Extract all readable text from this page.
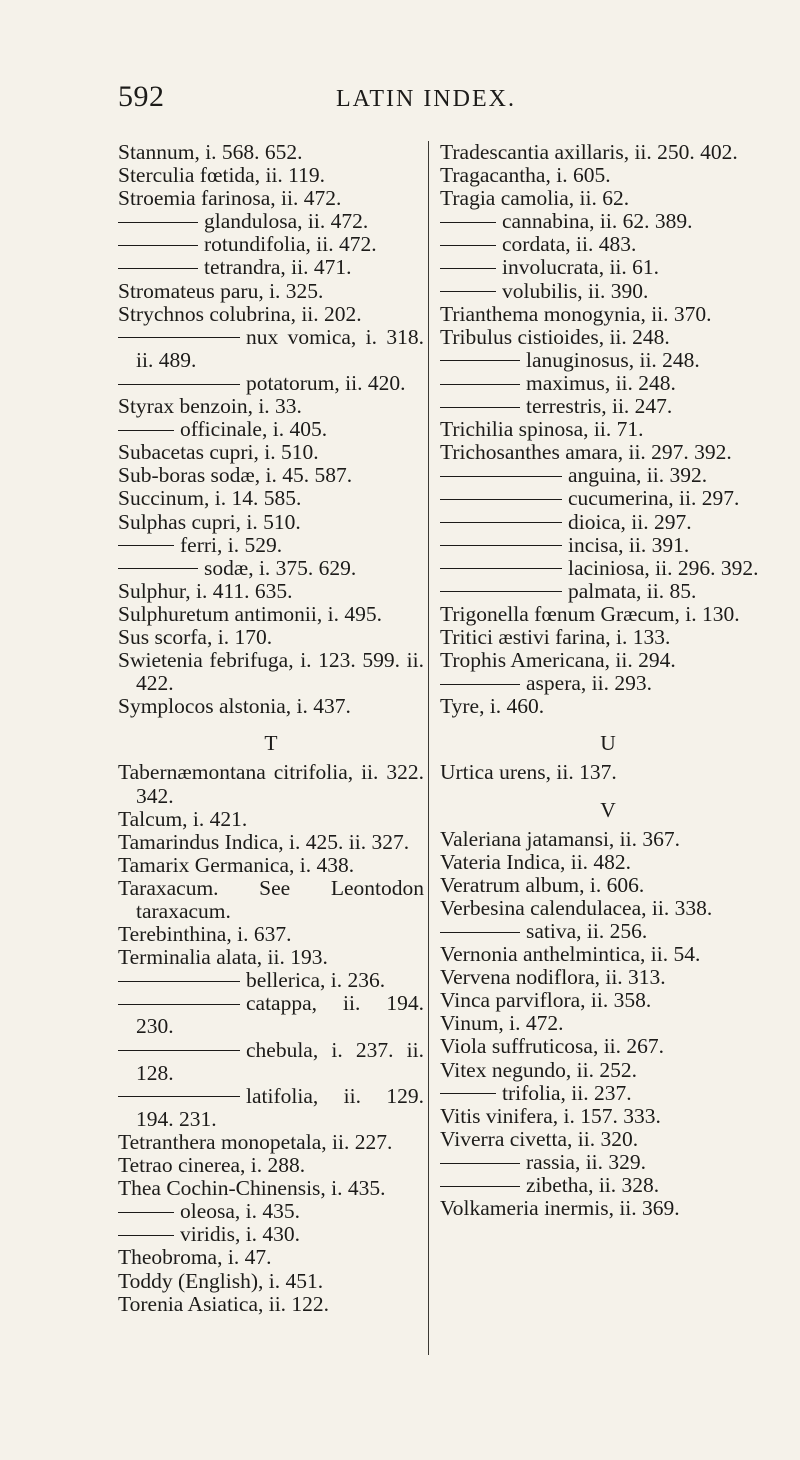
592	LATIN INDEX.
Stannum, i. 568. 652.
Sterculia fœtida, ii. 119.
Stroemia farinosa, ii. 472.
glandulosa, ii. 472.
rotundifolia, ii. 472.
tetrandra, ii. 471.
Stromateus paru, i. 325.
Strychnos colubrina, ii. 202.
nux vomica, i. 318. ii. 489.
potatorum, ii. 420.
Styrax benzoin, i. 33.
officinale, i. 405.
Subacetas cupri, i. 510.
Sub-boras sodæ, i. 45. 587.
Succinum, i. 14. 585.
Sulphas cupri, i. 510.
ferri, i. 529.
sodæ, i. 375. 629.
Sulphur, i. 411. 635.
Sulphuretum antimonii, i. 495.
Sus scorfa, i. 170.
Swietenia febrifuga, i. 123. 599. ii. 422.
Symplocos alstonia, i. 437.
T
Tabernæmontana citrifolia, ii. 322. 342.
Talcum, i. 421.
Tamarindus Indica, i. 425. ii. 327.
Tamarix Germanica, i. 438.
Taraxacum. See Leontodon taraxacum.
Terebinthina, i. 637.
Terminalia alata, ii. 193.
bellerica, i. 236.
catappa, ii. 194. 230.
chebula, i. 237. ii. 128.
latifolia, ii. 129. 194. 231.
Tetranthera monopetala, ii. 227.
Tetrao cinerea, i. 288.
Thea Cochin-Chinensis, i. 435.
oleosa, i. 435.
viridis, i. 430.
Theobroma, i. 47.
Toddy (English), i. 451.
Torenia Asiatica, ii. 122.
Tradescantia axillaris, ii. 250. 402.
Tragacantha, i. 605.
Tragia camolia, ii. 62.
cannabina, ii. 62. 389.
cordata, ii. 483.
involucrata, ii. 61.
volubilis, ii. 390.
Trianthema monogynia, ii. 370.
Tribulus cistioides, ii. 248.
lanuginosus, ii. 248.
maximus, ii. 248.
terrestris, ii. 247.
Trichilia spinosa, ii. 71.
Trichosanthes amara, ii. 297. 392.
anguina, ii. 392.
cucumerina, ii. 297.
dioica, ii. 297.
incisa, ii. 391.
laciniosa, ii. 296. 392.
palmata, ii. 85.
Trigonella fœnum Græcum, i. 130.
Tritici æstivi farina, i. 133.
Trophis Americana, ii. 294.
aspera, ii. 293.
Tyre, i. 460.
U
Urtica urens, ii. 137.
V
Valeriana jatamansi, ii. 367.
Vateria Indica, ii. 482.
Veratrum album, i. 606.
Verbesina calendulacea, ii. 338.
sativa, ii. 256.
Vernonia anthelmintica, ii. 54.
Vervena nodiflora, ii. 313.
Vinca parviflora, ii. 358.
Vinum, i. 472.
Viola suffruticosa, ii. 267.
Vitex negundo, ii. 252.
trifolia, ii. 237.
Vitis vinifera, i. 157. 333.
Viverra civetta, ii. 320.
rassia, ii. 329.
zibetha, ii. 328.
Volkameria inermis, ii. 369.
